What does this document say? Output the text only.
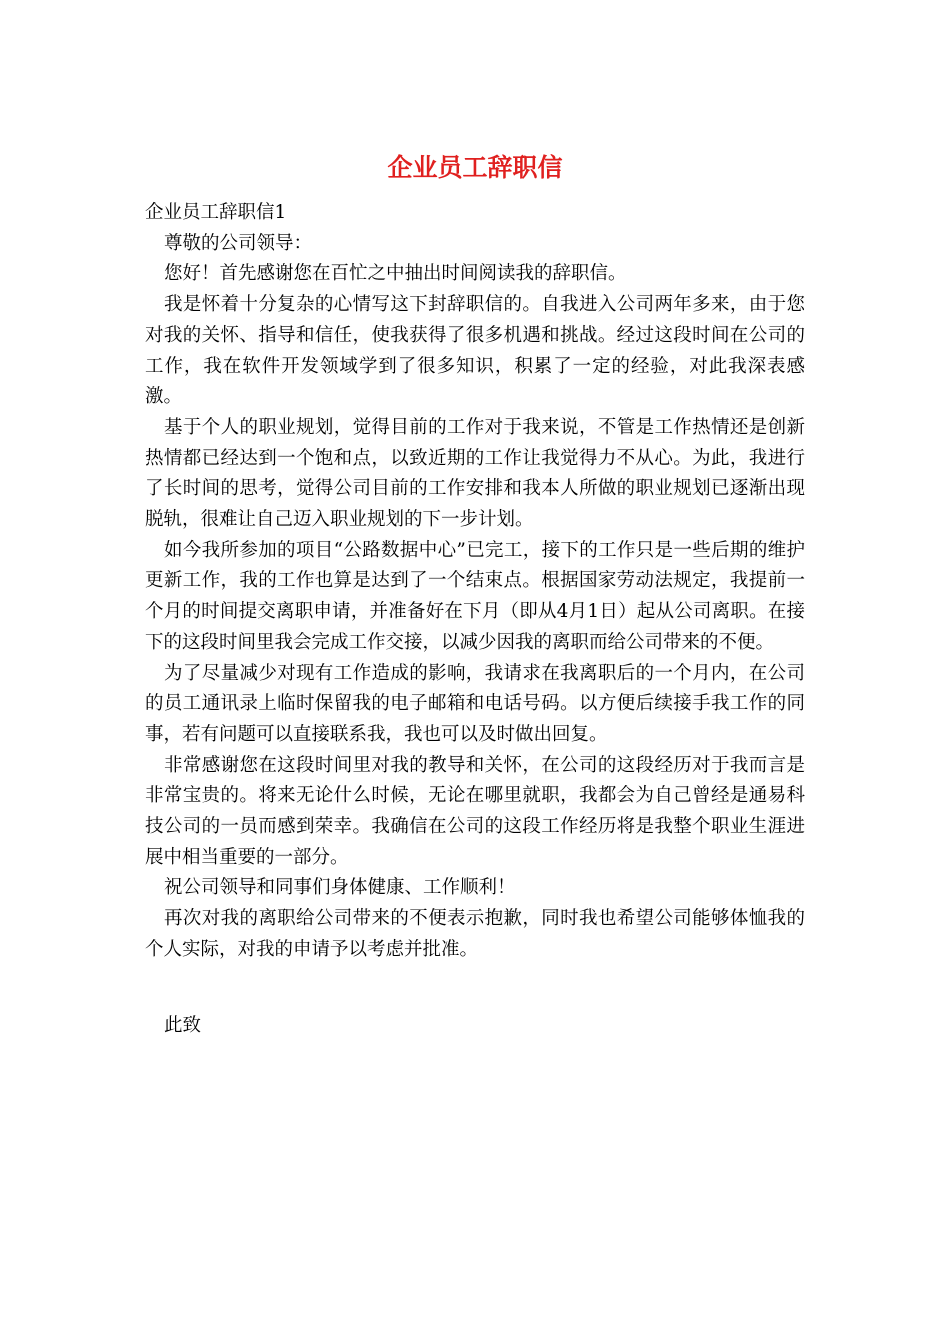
企业员工辞职信

企业员工辞职信1

尊敬的公司领导：

您好！首先感谢您在百忙之中抽出时间阅读我的辞职信。

我是怀着十分复杂的心情写这下封辞职信的。自我进入公司两年多来，由于您对我的关怀、指导和信任，使我获得了很多机遇和挑战。经过这段时间在公司的工作，我在软件开发领域学到了很多知识，积累了一定的经验，对此我深表感激。

基于个人的职业规划，觉得目前的工作对于我来说，不管是工作热情还是创新热情都已经达到一个饱和点，以致近期的工作让我觉得力不从心。为此，我进行了长时间的思考，觉得公司目前的工作安排和我本人所做的职业规划已逐渐出现脱轨，很难让自己迈入职业规划的下一步计划。

如今我所参加的项目“公路数据中心”已完工，接下的工作只是一些后期的维护更新工作，我的工作也算是达到了一个结束点。根据国家劳动法规定，我提前一个月的时间提交离职申请，并准备好在下月（即从4月1日）起从公司离职。在接下的这段时间里我会完成工作交接，以减少因我的离职而给公司带来的不便。

为了尽量减少对现有工作造成的影响，我请求在我离职后的一个月内，在公司的员工通讯录上临时保留我的电子邮箱和电话号码。以方便后续接手我工作的同事，若有问题可以直接联系我，我也可以及时做出回复。

非常感谢您在这段时间里对我的教导和关怀，在公司的这段经历对于我而言是非常宝贵的。将来无论什么时候，无论在哪里就职，我都会为自己曾经是通易科技公司的一员而感到荣幸。我确信在公司的这段工作经历将是我整个职业生涯进展中相当重要的一部分。

祝公司领导和同事们身体健康、工作顺利！

再次对我的离职给公司带来的不便表示抱歉，同时我也希望公司能够体恤我的个人实际，对我的申请予以考虑并批准。

此致
